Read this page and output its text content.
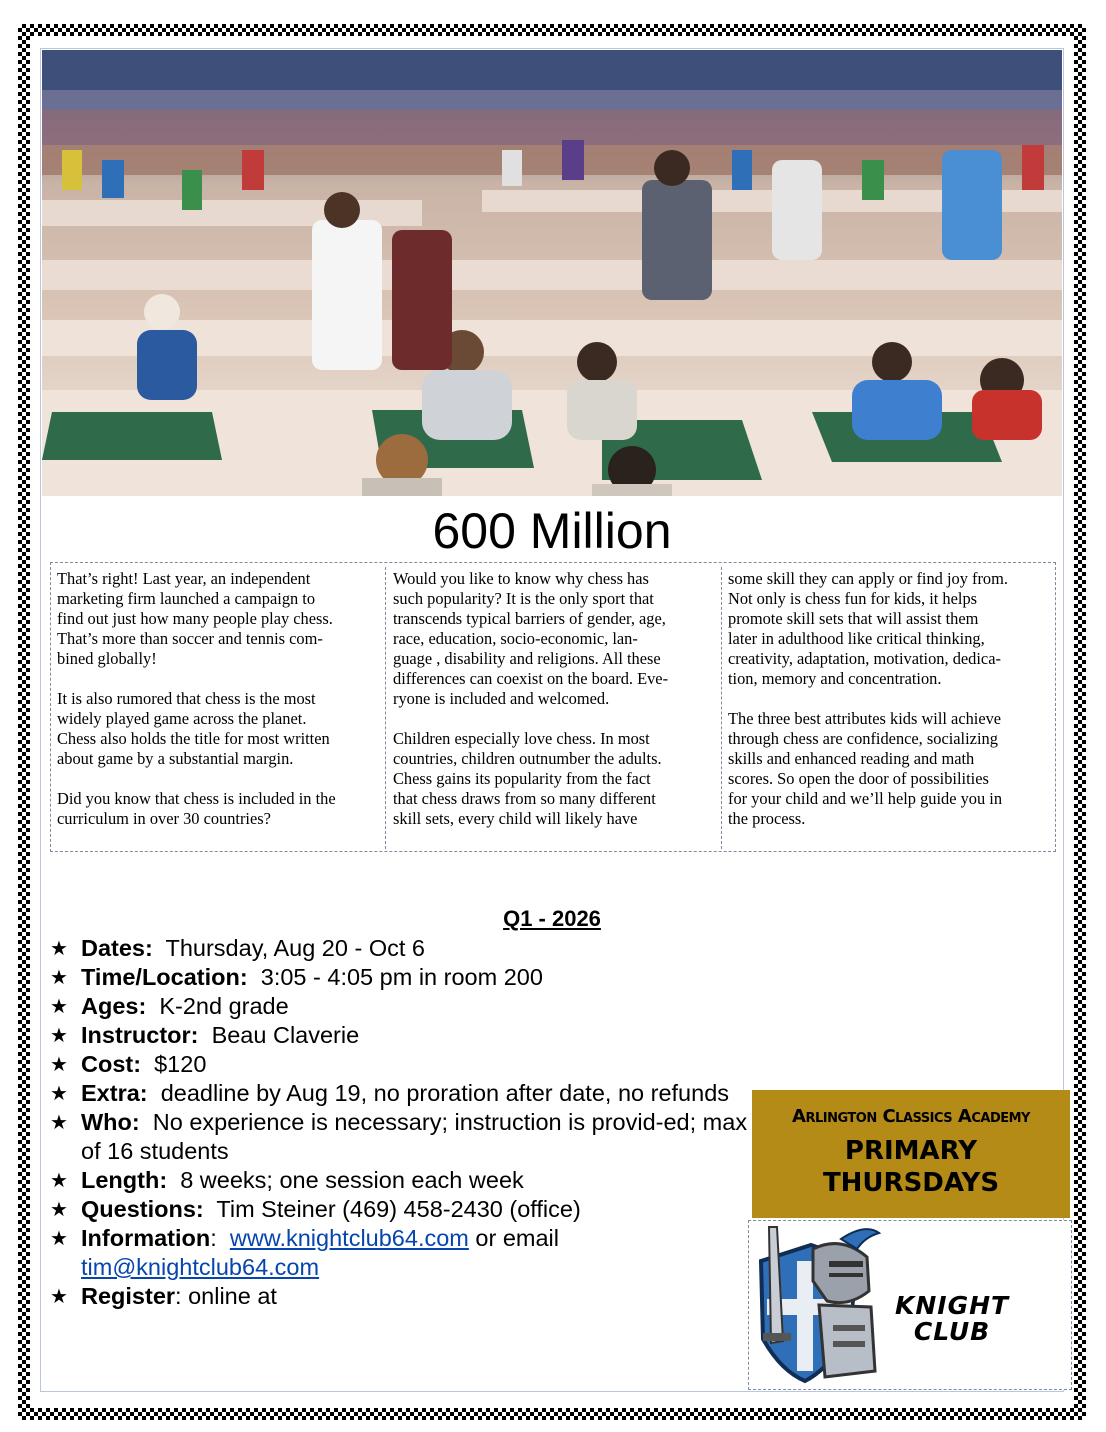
600 Million

That’s right! Last year, an independent
marketing firm launched a campaign to
find out just how many people play chess.
That’s more than soccer and tennis com-
bined globally!

It is also rumored that chess is the most
widely played game across the planet.
Chess also holds the title for most written
about game by a substantial margin.

Did you know that chess is included in the
curriculum in over 30 countries?

Would you like to know why chess has
such popularity? It is the only sport that
transcends typical barriers of gender, age,
race, education, socio-economic, lan-
guage , disability and religions. All these
differences can coexist on the board. Eve-
ryone is included and welcomed.

Children especially love chess. In most
countries, children outnumber the adults.
Chess gains its popularity from the fact
that chess draws from so many different
skill sets, every child will likely have

some skill they can apply or find joy from.
Not only is chess fun for kids, it helps
promote skill sets that will assist them
later in adulthood like critical thinking,
creativity, adaptation, motivation, dedica-
tion, memory and concentration.

The three best attributes kids will achieve
through chess are confidence, socializing
skills and enhanced reading and math
scores. So open the door of possibilities
for your child and we’ll help guide you in
the process.

Q1 - 2026
★ Dates: Thursday, Aug 20 - Oct 6
★ Time/Location: 3:05 - 4:05 pm in room 200
★ Ages: K-2nd grade
★ Instructor: Beau Claverie
★ Cost: $120
★ Extra: deadline by Aug 19, no proration after date, no refunds
★ Who: No experience is necessary; instruction is provid-ed; max of 16 students
★ Length: 8 weeks; one session each week
★ Questions: Tim Steiner (469) 458-2430 (office)
★ Information: www.knightclub64.com or email tim@knightclub64.com
★ Register: online at
Arlington Classics Academy
PRIMARY
THURSDAYS
KNIGHT
CLUB
